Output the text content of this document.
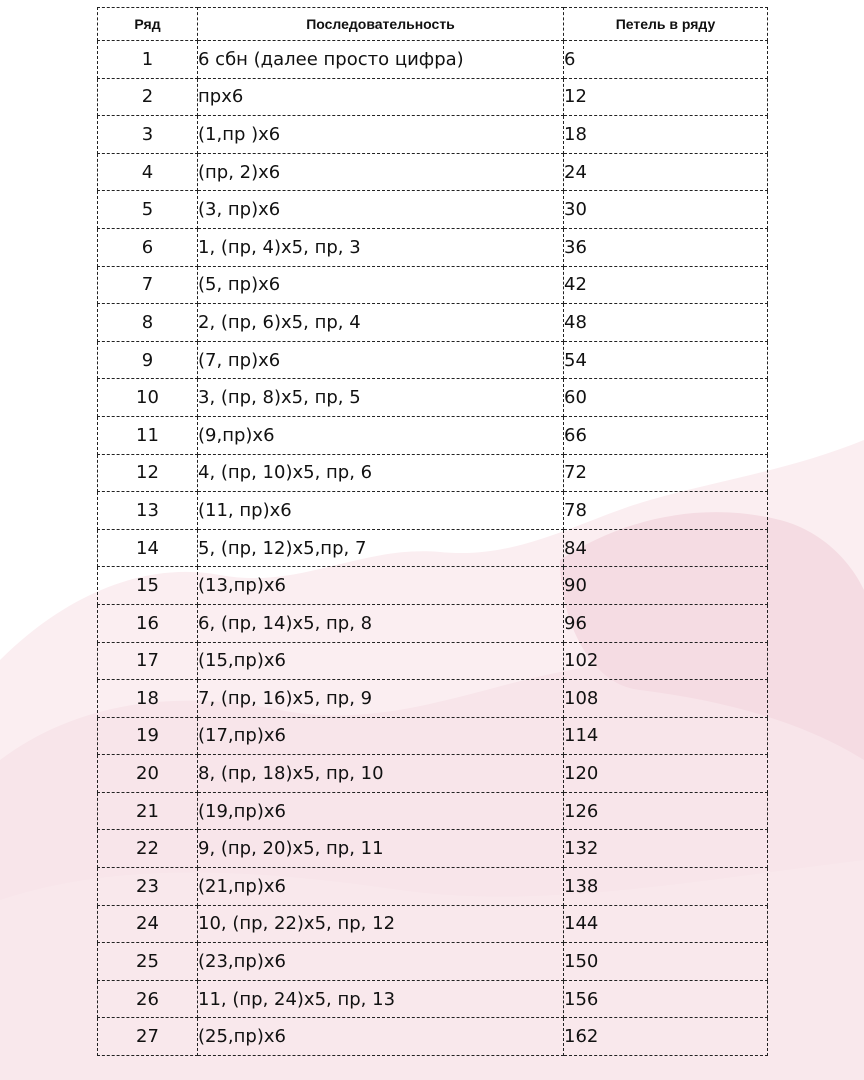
Ряд	Последовательность	Петель в ряду
1	6 сбн (далее просто цифра)	6
2	прх6	12
3	(1,пр )х6	18
4	(пр, 2)х6	24
5	(3, пр)х6	30
6	1, (пр, 4)х5, пр, 3	36
7	(5, пр)х6	42
8	2, (пр, 6)х5, пр, 4	48
9	(7, пр)х6	54
10	3, (пр, 8)х5, пр, 5	60
11	(9,пр)х6	66
12	4, (пр, 10)х5, пр, 6	72
13	(11, пр)х6	78
14	5, (пр, 12)х5,пр, 7	84
15	(13,пр)х6	90
16	6, (пр, 14)х5, пр, 8	96
17	(15,пр)х6	102
18	7, (пр, 16)х5, пр, 9	108
19	(17,пр)х6	114
20	8, (пр, 18)х5, пр, 10	120
21	(19,пр)х6	126
22	9, (пр, 20)х5, пр, 11	132
23	(21,пр)х6	138
24	10, (пр, 22)х5, пр, 12	144
25	(23,пр)х6	150
26	11, (пр, 24)х5, пр, 13	156
27	(25,пр)х6	162
